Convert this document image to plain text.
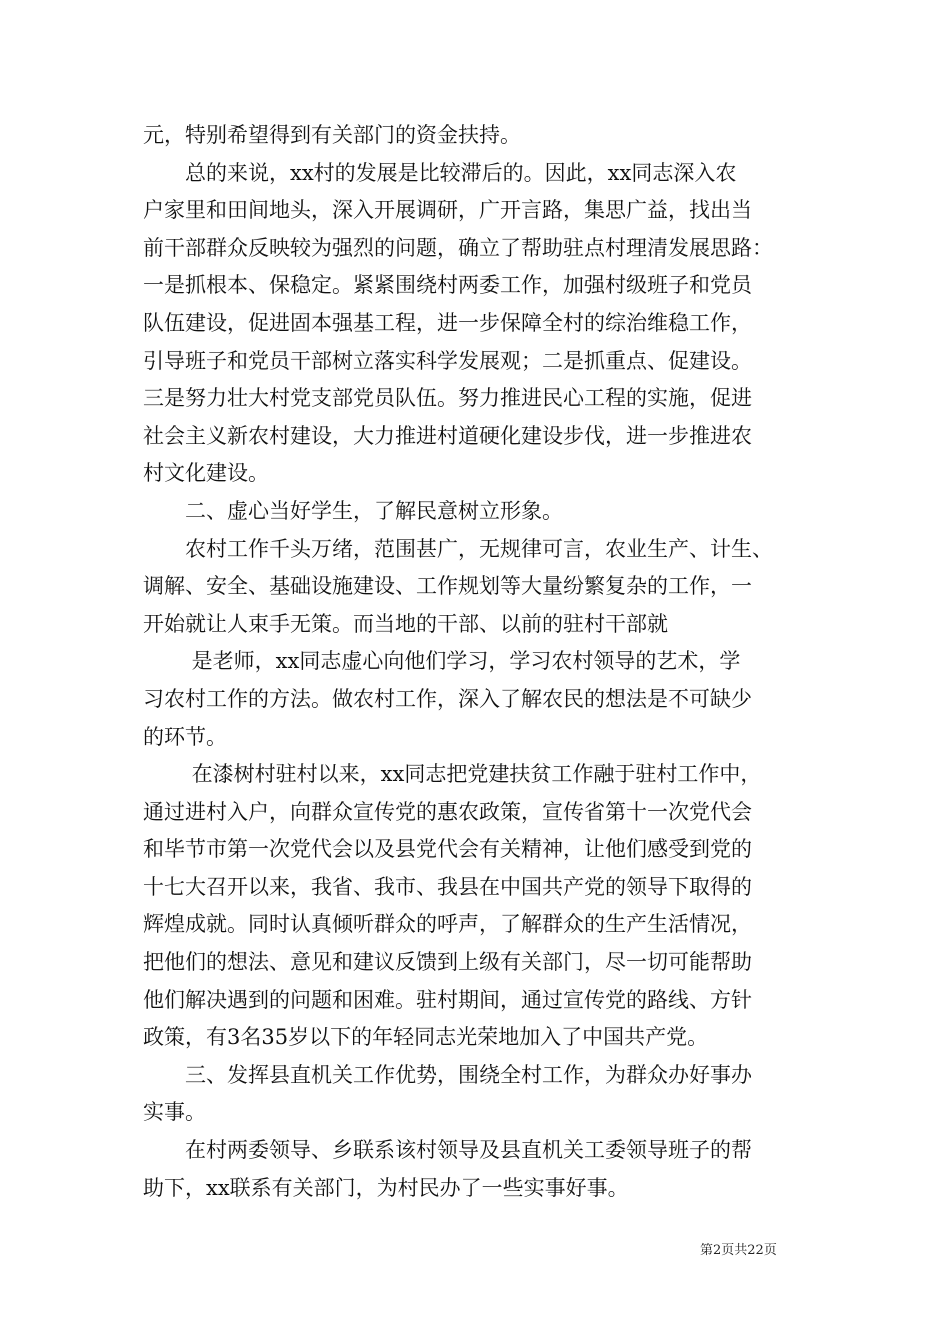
元，特别希望得到有关部门的资金扶持。
　　总的来说，xx村的发展是比较滞后的。因此，xx同志深入农
户家里和田间地头，深入开展调研，广开言路，集思广益，找出当
前干部群众反映较为强烈的问题，确立了帮助驻点村理清发展思路：
一是抓根本、保稳定。紧紧围绕村两委工作，加强村级班子和党员
队伍建设，促进固本强基工程，进一步保障全村的综治维稳工作，
引导班子和党员干部树立落实科学发展观；二是抓重点、促建设。
三是努力壮大村党支部党员队伍。努力推进民心工程的实施，促进
社会主义新农村建设，大力推进村道硬化建设步伐，进一步推进农
村文化建设。
　　二、虚心当好学生，了解民意树立形象。
　　农村工作千头万绪，范围甚广，无规律可言，农业生产、计生、
调解、安全、基础设施建设、工作规划等大量纷繁复杂的工作，一
开始就让人束手无策。而当地的干部、以前的驻村干部就
　　 是老师，xx同志虚心向他们学习，学习农村领导的艺术，学
习农村工作的方法。做农村工作，深入了解农民的想法是不可缺少
的环节。
　　 在漆树村驻村以来，xx同志把党建扶贫工作融于驻村工作中，
通过进村入户，向群众宣传党的惠农政策，宣传省第十一次党代会
和毕节市第一次党代会以及县党代会有关精神，让他们感受到党的
十七大召开以来，我省、我市、我县在中国共产党的领导下取得的
辉煌成就。同时认真倾听群众的呼声，了解群众的生产生活情况，
把他们的想法、意见和建议反馈到上级有关部门，尽一切可能帮助
他们解决遇到的问题和困难。驻村期间，通过宣传党的路线、方针
政策，有3名35岁以下的年轻同志光荣地加入了中国共产党。
　　三、发挥县直机关工作优势，围绕全村工作，为群众办好事办
实事。
　　在村两委领导、乡联系该村领导及县直机关工委领导班子的帮
助下，xx联系有关部门，为村民办了一些实事好事。
第2页共22页
